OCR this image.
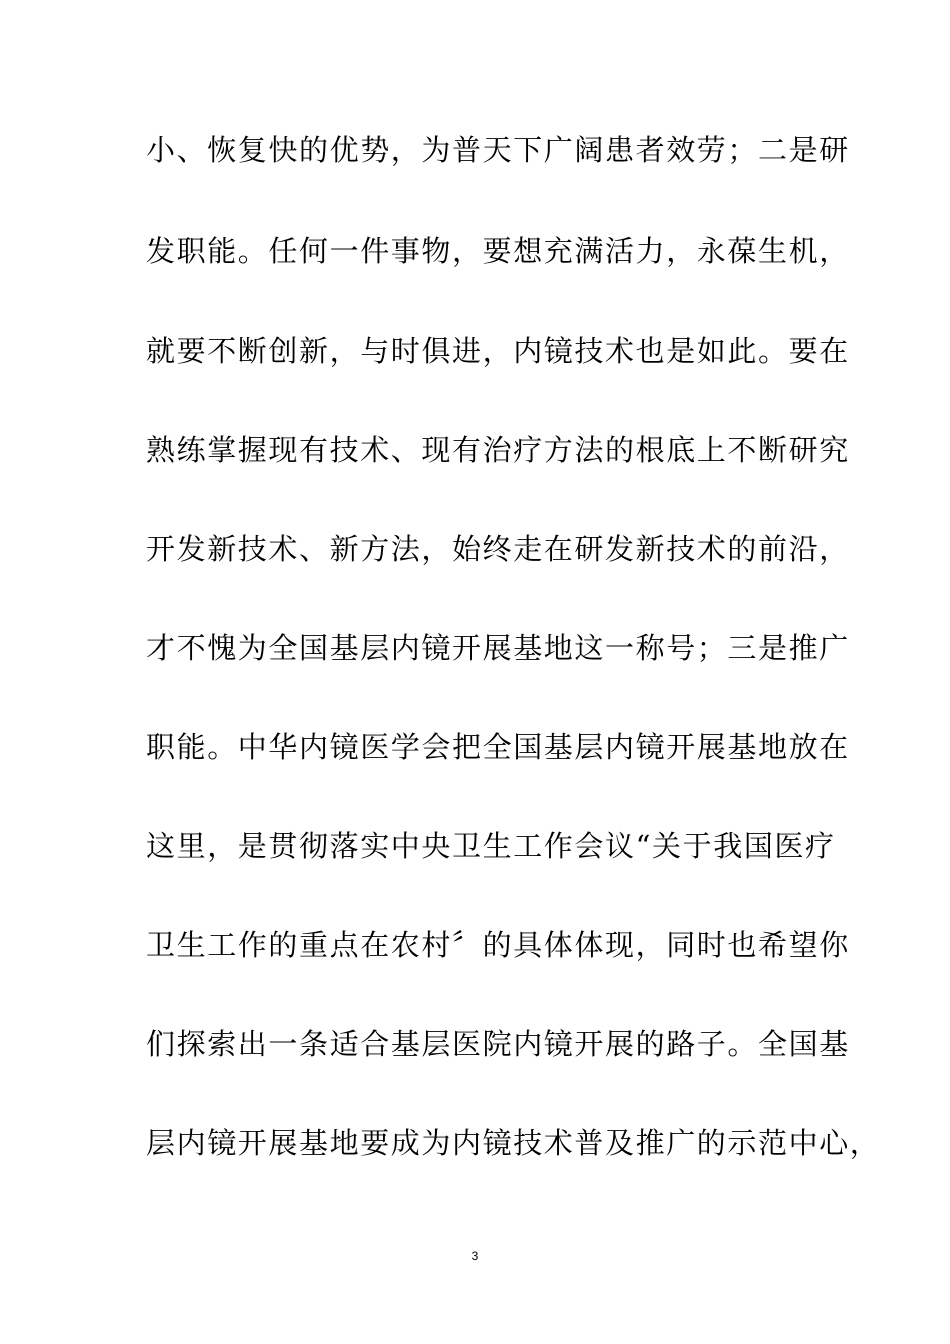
小、恢复快的优势，为普天下广阔患者效劳；二是研
发职能。任何一件事物，要想充满活力，永葆生机，
就要不断创新，与时俱进，内镜技术也是如此。要在
熟练掌握现有技术、现有治疗方法的根底上不断研究
开发新技术、新方法，始终走在研发新技术的前沿，
才不愧为全国基层内镜开展基地这一称号；三是推广
职能。中华内镜医学会把全国基层内镜开展基地放在
这里，是贯彻落实中央卫生工作会议“关于我国医疗
卫生工作的重点在农村〞的具体体现，同时也希望你
们探索出一条适合基层医院内镜开展的路子。全国基
层内镜开展基地要成为内镜技术普及推广的示范中心，
3
